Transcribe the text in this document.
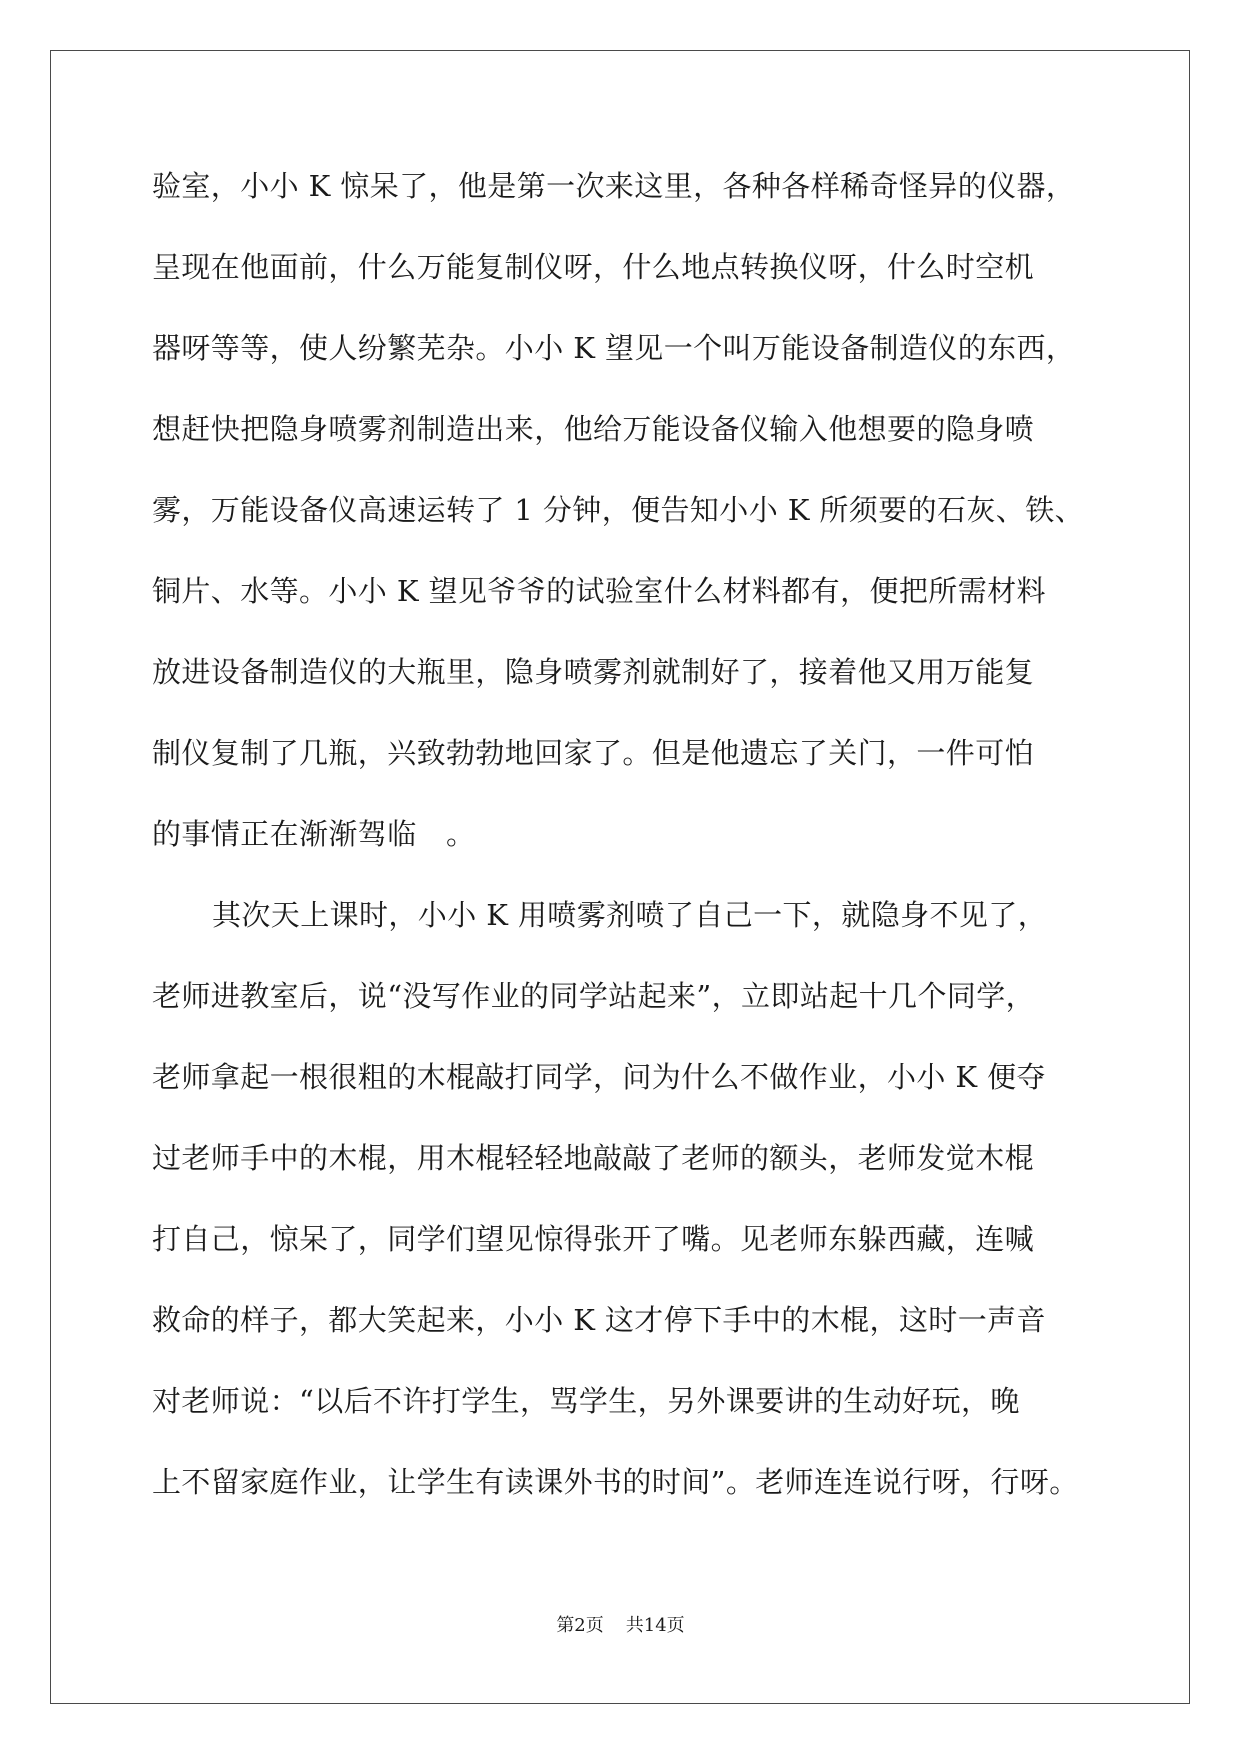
验室，小小 K 惊呆了，他是第一次来这里，各种各样稀奇怪异的仪器，

呈现在他面前，什么万能复制仪呀，什么地点转换仪呀，什么时空机

器呀等等，使人纷繁芜杂。小小 K 望见一个叫万能设备制造仪的东西，

想赶快把隐身喷雾剂制造出来，他给万能设备仪输入他想要的隐身喷

雾，万能设备仪高速运转了 1 分钟，便告知小小 K 所须要的石灰、铁、

铜片、水等。小小 K 望见爷爷的试验室什么材料都有，便把所需材料

放进设备制造仪的大瓶里，隐身喷雾剂就制好了，接着他又用万能复

制仪复制了几瓶，兴致勃勃地回家了。但是他遗忘了关门，一件可怕

的事情正在渐渐驾临　。

其次天上课时，小小 K 用喷雾剂喷了自己一下，就隐身不见了，

老师进教室后，说“没写作业的同学站起来”，立即站起十几个同学，

老师拿起一根很粗的木棍敲打同学，问为什么不做作业，小小 K 便夺

过老师手中的木棍，用木棍轻轻地敲敲了老师的额头，老师发觉木棍

打自己，惊呆了，同学们望见惊得张开了嘴。见老师东躲西藏，连喊

救命的样子，都大笑起来，小小 K 这才停下手中的木棍，这时一声音

对老师说：“以后不许打学生，骂学生，另外课要讲的生动好玩，晚

上不留家庭作业，让学生有读课外书的时间”。老师连连说行呀，行呀。

第2页 共14页
